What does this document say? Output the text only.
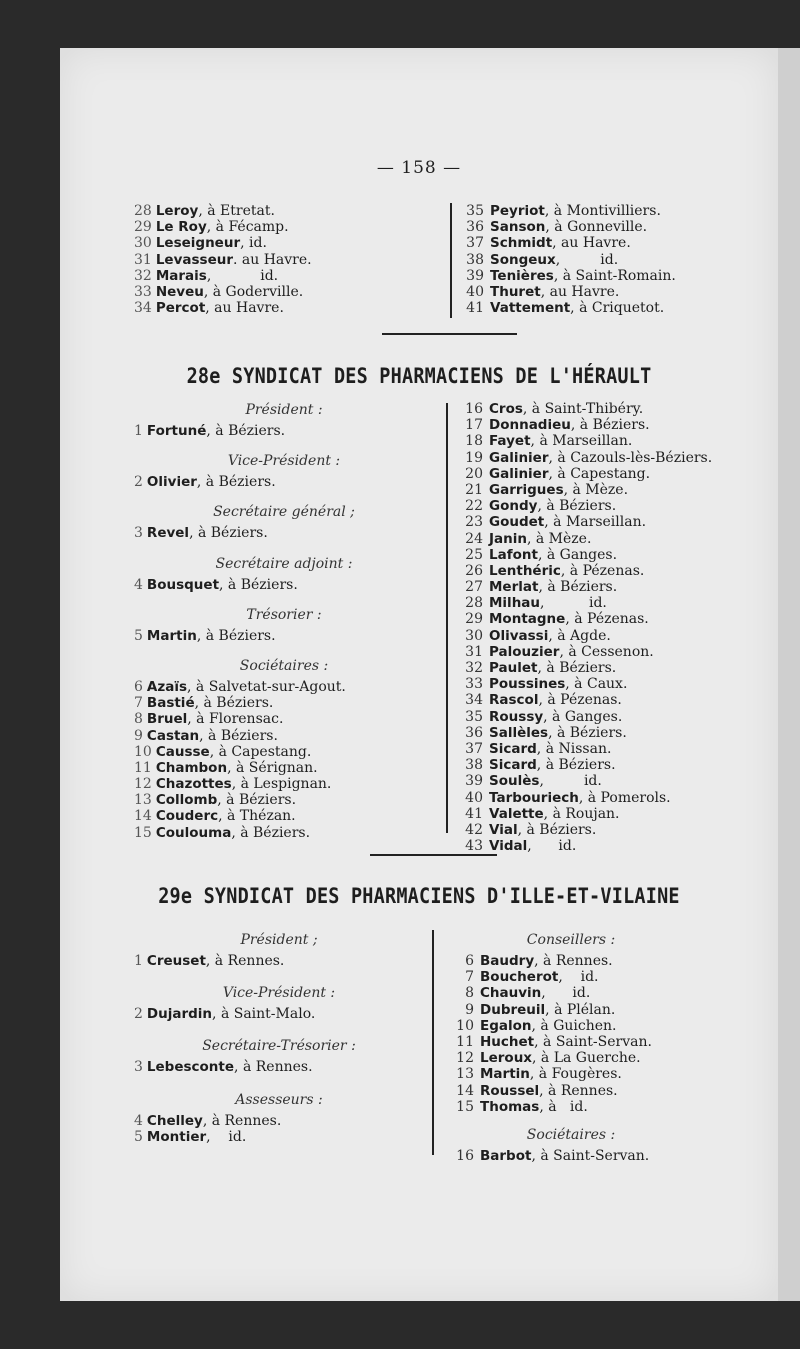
— 158 —
28 Leroy, à Etretat.
29 Le Roy, à Fécamp.
30 Leseigneur, id.
31 Levasseur. au Havre.
32 Marais,           id.
33 Neveu, à Goderville.
34 Percot, au Havre.
35 Peyriot, à Montivilliers.
36 Sanson, à Gonneville.
37 Schmidt, au Havre.
38 Songeux,         id.
39 Tenières, à Saint-Romain.
40 Thuret, au Havre.
41 Vattement, à Criquetot.
28e SYNDICAT DES PHARMACIENS DE L'HÉRAULT
Président :
1 Fortuné, à Béziers.
Vice-Président :
2 Olivier, à Béziers.
Secrétaire général ;
3 Revel, à Béziers.
Secrétaire adjoint :
4 Bousquet, à Béziers.
Trésorier :
5 Martin, à Béziers.
Sociétaires :
6 Azaïs, à Salvetat-sur-Agout.
7 Bastié, à Béziers.
8 Bruel, à Florensac.
9 Castan, à Béziers.
10 Causse, à Capestang.
11 Chambon, à Sérignan.
12 Chazottes, à Lespignan.
13 Collomb, à Béziers.
14 Couderc, à Thézan.
15 Coulouma, à Béziers.
16 Cros, à Saint-Thibéry.
17 Donnadieu, à Béziers.
18 Fayet, à Marseillan.
19 Galinier, à Cazouls-lès-Béziers.
20 Galinier, à Capestang.
21 Garrigues, à Mèze.
22 Gondy, à Béziers.
23 Goudet, à Marseillan.
24 Janin, à Mèze.
25 Lafont, à Ganges.
26 Lenthéric, à Pézenas.
27 Merlat, à Béziers.
28 Milhau,          id.
29 Montagne, à Pézenas.
30 Olivassi, à Agde.
31 Palouzier, à Cessenon.
32 Paulet, à Béziers.
33 Poussines, à Caux.
34 Rascol, à Pézenas.
35 Roussy, à Ganges.
36 Sallèles, à Béziers.
37 Sicard, à Nissan.
38 Sicard, à Béziers.
39 Soulès,         id.
40 Tarbouriech, à Pomerols.
41 Valette, à Roujan.
42 Vial, à Béziers.
43 Vidal,      id.
29e SYNDICAT DES PHARMACIENS D'ILLE-ET-VILAINE
Président ;
1 Creuset, à Rennes.
Vice-Président :
2 Dujardin, à Saint-Malo.
Secrétaire-Trésorier :
3 Lebesconte, à Rennes.
Assesseurs :
4 Chelley, à Rennes.
5 Montier,    id.
Conseillers :
6 Baudry, à Rennes.
7 Boucherot,    id.
8 Chauvin,      id.
9 Dubreuil, à Plélan.
10 Egalon, à Guichen.
11 Huchet, à Saint-Servan.
12 Leroux, à La Guerche.
13 Martin, à Fougères.
14 Roussel, à Rennes.
15 Thomas, à   id.
Sociétaires :
16 Barbot, à Saint-Servan.
